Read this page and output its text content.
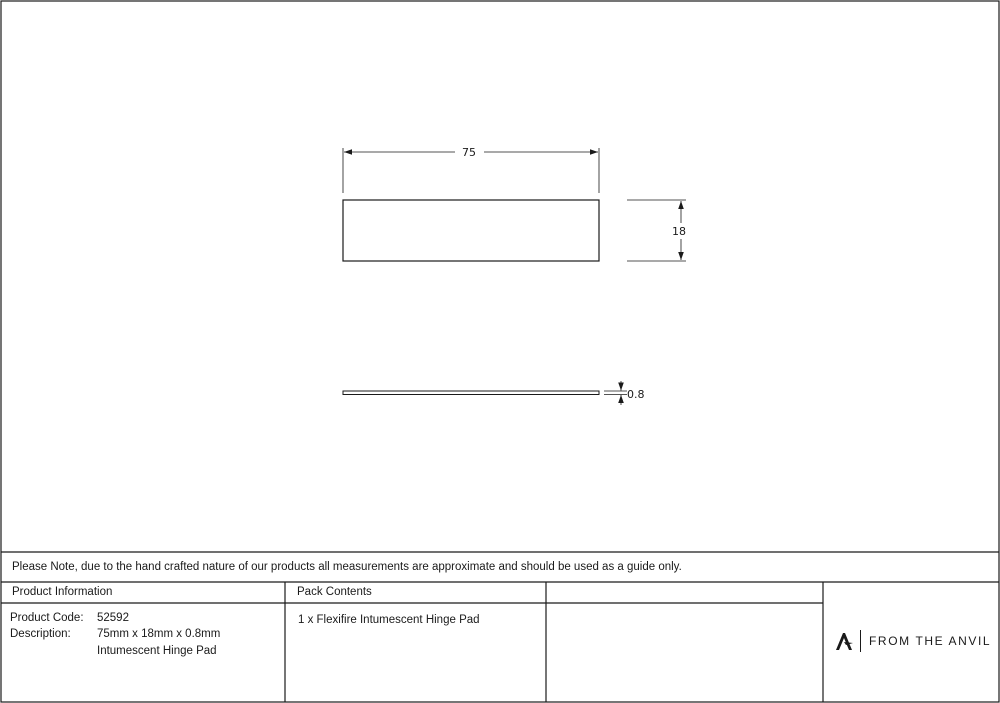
75
18
0.8
Please Note, due to the hand crafted nature of our products all measurements are approximate and should be used as a guide only.
Product Information	Pack Contents
Product Code: 52592
Description: 75mm x 18mm x 0.8mm Intumescent Hinge Pad
1 x Flexifire Intumescent Hinge Pad
FROM THE ANVIL
